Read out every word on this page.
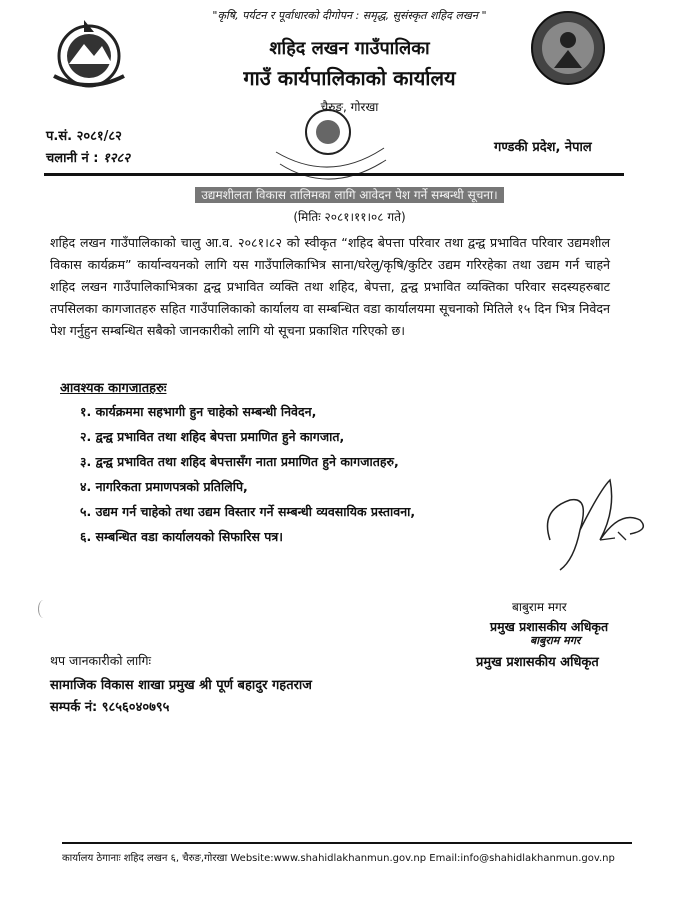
"कृषि, पर्यटन र पूर्वाधारको दीगोपन : समृद्ध, सुसंस्कृत शहिद लखन "
शहिद लखन गाउँपालिका
गाउँ कार्यपालिकाको कार्यालय
चैरुङ, गोरखा
प.सं. २०८१/८२
चलानी नं : १२८२
गण्डकी प्रदेश, नेपाल
उद्यमशीलता विकास तालिमका लागि आवेदन पेश गर्ने सम्बन्धी सूचना।
(मितिः २०८१।११।०८ गते)
शहिद लखन गाउँपालिकाको चालु आ.व. २०८१।८२ को स्वीकृत “शहिद बेपत्ता परिवार तथा द्वन्द्व प्रभावित परिवार उद्यमशील विकास कार्यक्रम” कार्यान्वयनको लागि यस गाउँपालिकाभित्र साना/घरेलु/कृषि/कुटिर उद्यम गरिरहेका तथा उद्यम गर्न चाहने शहिद लखन गाउँपालिकाभित्रका द्वन्द्व प्रभावित व्यक्ति तथा शहिद, बेपत्ता, द्वन्द्व प्रभावित व्यक्तिका परिवार सदस्यहरुबाट तपसिलका कागजातहरु सहित गाउँपालिकाको कार्यालय वा सम्बन्धित वडा कार्यालयमा सूचनाको मितिले १५ दिन भित्र निवेदन पेश गर्नुहुन सम्बन्धित सबैको जानकारीको लागि यो सूचना प्रकाशित गरिएको छ।
आवश्यक कागजातहरुः
१. कार्यक्रममा सहभागी हुन चाहेको सम्बन्धी निवेदन,
२. द्वन्द्व प्रभावित तथा शहिद बेपत्ता प्रमाणित हुने कागजात,
३. द्वन्द्व प्रभावित तथा शहिद बेपत्तासँग नाता प्रमाणित हुने कागजातहरु,
४. नागरिकता प्रमाणपत्रको प्रतिलिपि,
५. उद्यम गर्न चाहेको तथा उद्यम विस्तार गर्ने सम्बन्धी व्यवसायिक प्रस्तावना,
६. सम्बन्धित वडा कार्यालयको सिफारिस पत्र।
बाबुराम मगर
प्रमुख प्रशासकीय अधिकृत
बाबुराम मगर
प्रमुख प्रशासकीय अधिकृत
थप जानकारीको लागिः
सामाजिक विकास शाखा प्रमुख श्री पूर्ण बहादुर गहतराज
सम्पर्क नं: ९८५६०४०७९५
कार्यालय ठेगानाः शहिद लखन ६, चैरुङ,गोरखा Website:www.shahidlakhanmun.gov.np Email:info@shahidlakhanmun.gov.np
